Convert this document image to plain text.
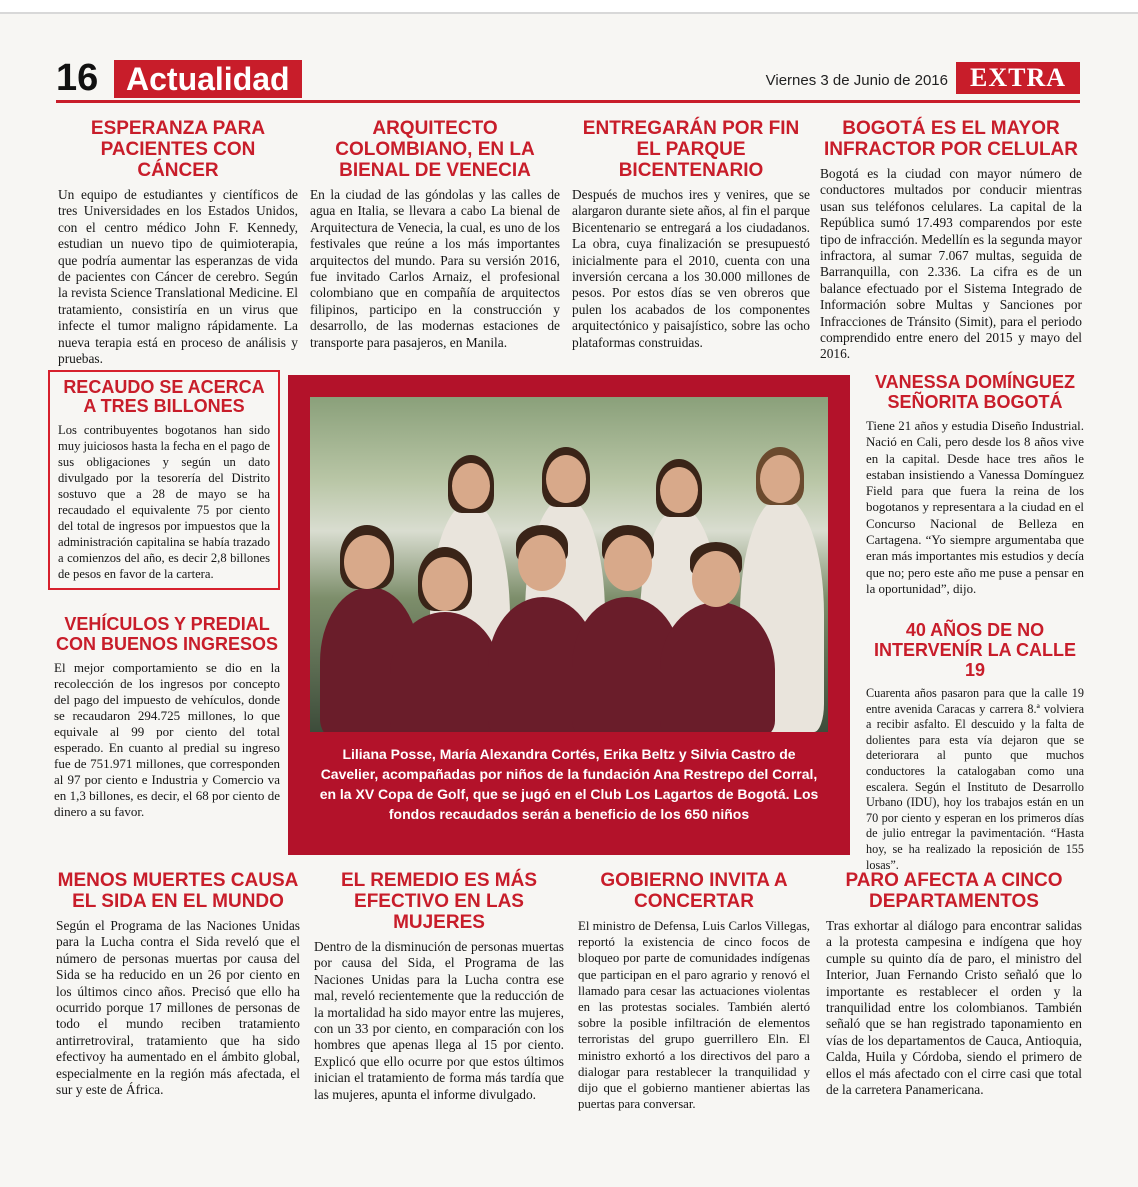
16 Actualidad	Viernes 3 de Junio de 2016 EXTRA
ESPERANZA PARA PACIENTES CON CÁNCER
Un equipo de estudiantes y científicos de tres Universidades en los Estados Unidos, con el centro médico John F. Kennedy, estudian un nuevo tipo de quimioterapia, que podría aumentar las esperanzas de vida de pacientes con Cáncer de cerebro. Según la revista Science Translational Medicine. El tratamiento, consistiría en un virus que infecte el tumor maligno rápidamente. La nueva terapia está en proceso de análisis y pruebas.
ARQUITECTO COLOMBIANO, EN LA BIENAL DE VENECIA
En la ciudad de las góndolas y las calles de agua en Italia, se llevara a cabo La bienal de Arquitectura de Venecia, la cual, es uno de los festivales que reúne a los más importantes arquitectos del mundo. Para su versión 2016, fue invitado Carlos Arnaiz, el profesional colombiano que en compañía de arquitectos filipinos, participo en la construcción y desarrollo, de las modernas estaciones de transporte para pasajeros, en Manila.
ENTREGARÁN POR FIN EL PARQUE BICENTENARIO
Después de muchos ires y venires, que se alargaron durante siete años, al fin el parque Bicentenario se entregará a los ciudadanos. La obra, cuya finalización se presupuestó inicialmente para el 2010, cuenta con una inversión cercana a los 30.000 millones de pesos. Por estos días se ven obreros que pulen los acabados de los componentes arquitectónico y paisajístico, sobre las ocho plataformas construidas.
BOGOTÁ ES EL MAYOR INFRACTOR POR CELULAR
Bogotá es la ciudad con mayor número de conductores multados por conducir mientras usan sus teléfonos celulares. La capital de la República sumó 17.493 comparendos por este tipo de infracción. Medellín es la segunda mayor infractora, al sumar 7.067 multas, seguida de Barranquilla, con 2.336. La cifra es de un balance efectuado por el Sistema Integrado de Información sobre Multas y Sanciones por Infracciones de Tránsito (Simit), para el periodo comprendido entre enero del 2015 y mayo del 2016.
RECAUDO SE ACERCA A TRES BILLONES
Los contribuyentes bogotanos han sido muy juiciosos hasta la fecha en el pago de sus obligaciones y según un dato divulgado por la tesorería del Distrito sostuvo que a 28 de mayo se ha recaudado el equivalente 75 por ciento del total de ingresos por impuestos que la administración capitalina se había trazado a comienzos del año, es decir 2,8 billones de pesos en favor de la cartera.
VEHÍCULOS Y PREDIAL CON BUENOS INGRESOS
El mejor comportamiento se dio en la recolección de los ingresos por concepto del pago del impuesto de vehículos, donde se recaudaron 294.725 millones, lo que equivale al 99 por ciento del total esperado. En cuanto al predial su ingreso fue de 751.971 millones, que corresponden al 97 por ciento e Industria y Comercio va en 1,3 billones, es decir, el 68 por ciento de dinero a su favor.
Liliana Posse, María Alexandra Cortés, Erika Beltz y Silvia Castro de Cavelier, acompañadas por niños de la fundación Ana Restrepo del Corral, en la XV Copa de Golf, que se jugó en el Club Los Lagartos de Bogotá. Los fondos recaudados serán a beneficio de los 650 niños
VANESSA DOMÍNGUEZ SEÑORITA BOGOTÁ
Tiene 21 años y estudia Diseño Industrial. Nació en Cali, pero desde los 8 años vive en la capital. Desde hace tres años le estaban insistiendo a Vanessa Domínguez Field para que fuera la reina de los bogotanos y representara a la ciudad en el Concurso Nacional de Belleza en Cartagena. “Yo siempre argumentaba que eran más importantes mis estudios y decía que no; pero este año me puse a pensar en la oportunidad”, dijo.
40 AÑOS DE NO INTERVENÍR LA CALLE 19
Cuarenta años pasaron para que la calle 19 entre avenida Caracas y carrera 8.ª volviera a recibir asfalto. El descuido y la falta de dolientes para esta vía dejaron que se deteriorara al punto que muchos conductores la catalogaban como una escalera. Según el Instituto de Desarrollo Urbano (IDU), hoy los trabajos están en un 70 por ciento y esperan en los primeros días de julio entregar la pavimentación. “Hasta hoy, se ha realizado la reposición de 155 losas”.
MENOS MUERTES CAUSA EL SIDA EN EL MUNDO
Según el Programa de las Naciones Unidas para la Lucha contra el Sida reveló que el número de personas muertas por causa del Sida se ha reducido en un 26 por ciento en los últimos cinco años. Precisó que ello ha ocurrido porque 17 millones de personas de todo el mundo reciben tratamiento antirretroviral, tratamiento que ha sido efectivoy ha aumentado en el ámbito global, especialmente en la región más afectada, el sur y este de África.
EL REMEDIO ES MÁS EFECTIVO EN LAS MUJERES
Dentro de la disminución de personas muertas por causa del Sida, el Programa de las Naciones Unidas para la Lucha contra ese mal, reveló recientemente que la reducción de la mortalidad ha sido mayor entre las mujeres, con un 33 por ciento, en comparación con los hombres que apenas llega al 15 por ciento. Explicó que ello ocurre por que estos últimos inician el tratamiento de forma más tardía que las mujeres, apunta el informe divulgado.
GOBIERNO INVITA A CONCERTAR
El ministro de Defensa, Luis Carlos Villegas, reportó la existencia de cinco focos de bloqueo por parte de comunidades indígenas que participan en el paro agrario y renovó el llamado para cesar las actuaciones violentas en las protestas sociales. También alertó sobre la posible infiltración de elementos terroristas del grupo guerrillero Eln. El ministro exhortó a los directivos del paro a dialogar para restablecer la tranquilidad y dijo que el gobierno mantiener abiertas las puertas para conversar.
PARO AFECTA A CINCO DEPARTAMENTOS
Tras exhortar al diálogo para encontrar salidas a la protesta campesina e indígena que hoy cumple su quinto día de paro, el ministro del Interior, Juan Fernando Cristo señaló que lo importante es restablecer el orden y la tranquilidad entre los colombianos. También señaló que se han registrado taponamiento en vías de los departamentos de Cauca, Antioquia, Calda, Huila y Córdoba, siendo el primero de ellos el más afectado con el cirre casi que total de la carretera Panamericana.
